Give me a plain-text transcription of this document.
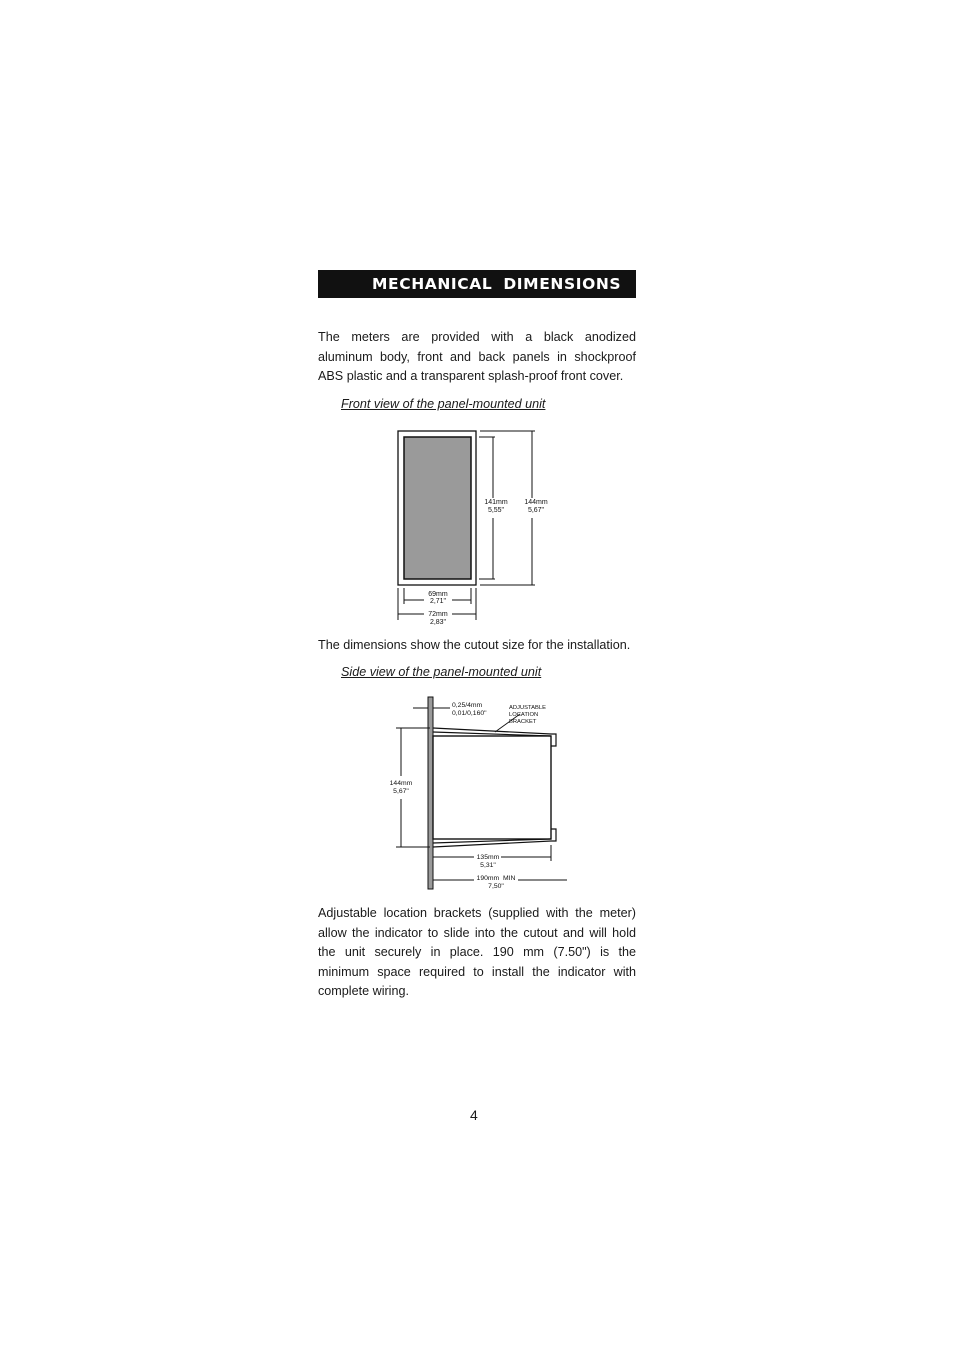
MECHANICAL DIMENSIONS

The meters are provided with a black anodized aluminum body, front and back panels in shockproof ABS plastic and a transparent splash-proof front cover.

Front view of the panel-mounted unit
141mm
5,55"
144mm
5,67"
69mm
2,71"
72mm
2,83"
The dimensions show the cutout size for the installation.
Side view of the panel-mounted unit
0,25/4mm
0,01/0,160"
ADJUSTABLE
LOCATION
BRACKET
144mm
5,67"
135mm
5,31"
190mm  MIN
7,50"

Adjustable location brackets (supplied with the meter) allow the indicator to slide into the cutout and will hold the unit securely in place. 190 mm (7.50") is the minimum space required to install the indicator with complete wiring.

4
